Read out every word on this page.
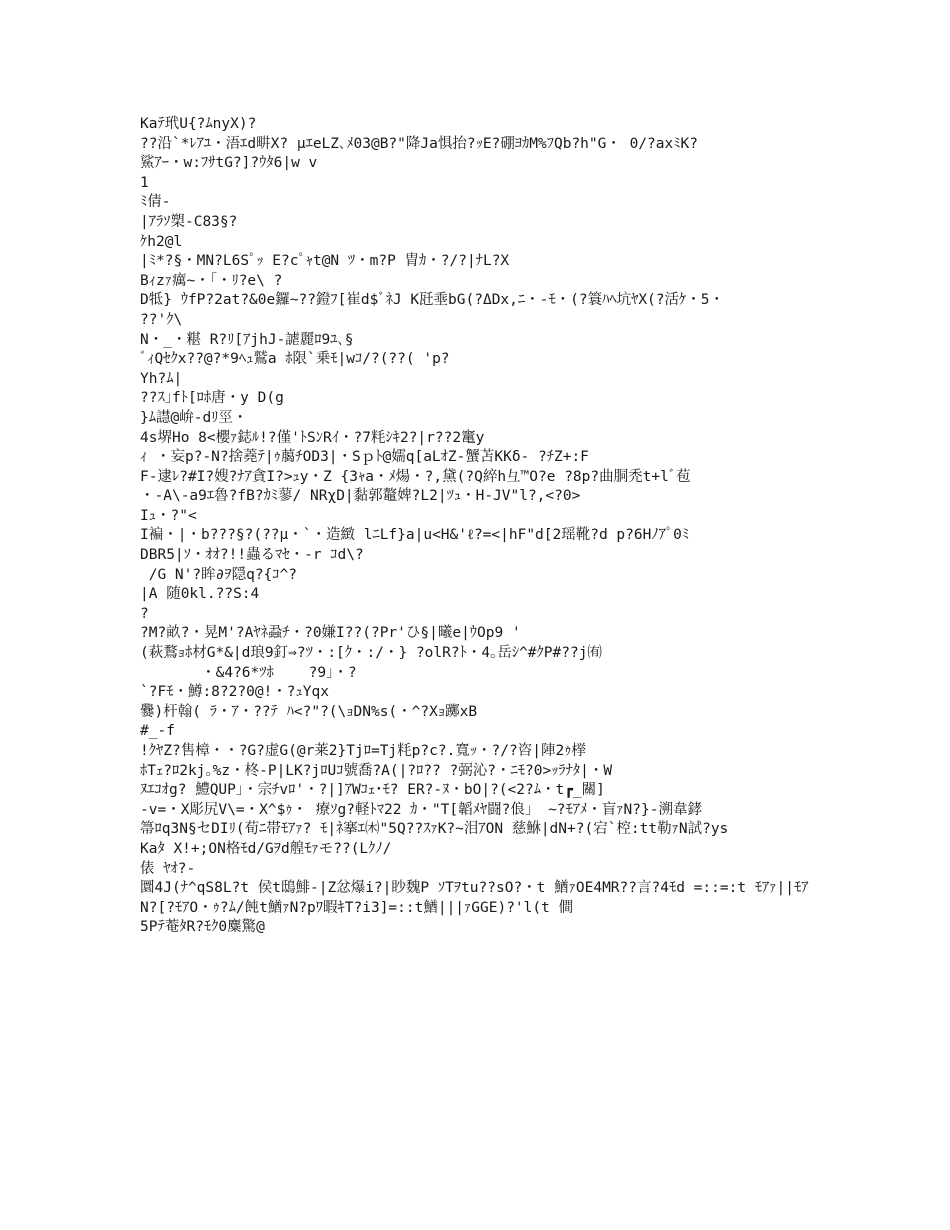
Kaﾃ玳U{?ﾑnyX)?
??沿`*ﾚｱﾕ・浯ｴd畊X? μｴeLZ､ﾒ03@B?"降Ja惧抬?ｯE?硼ﾖｶM%ﾌQb?h"G・ 0/?axﾐK?
鯊ｱｰ・w:ﾌｻtG?]?ｳﾀ6|w v
1
ﾐ倩-
|ｱﾗｿ槊-C83§?
ｹh2@l
|ﾐ*?§・MN?L6Sﾟｯ E?cﾟｬt@N ﾂ・m?P 胄ｶ・?/?|ﾅL?X
Bｨzｧ癘~・「・ﾘ?e\ ?
D牴} ｳfP?2at?&0e鑼~??鐙ﾌ[崔d$ﾞﾈJ K瓩埀bG(?ΔDx,ﾆ・-ﾓ・(?簑ﾊﾍ坑ﾔX(?活ｹ・5・
??'ｸ\
N・_・糂 R?ﾘ[ｱjhJ-謔麗ﾛ9ﾕ､§
ﾞｨQｾｸx??@?*9ﾍｭ鷲a ﾎ限`乗ﾓ|wｺ/?(??( 'p?
Yh?ﾑ|
??ｽ｣fﾄ[ﾛﾎ唐・y D(g
}ﾑ譿@峅-dﾘ巠・
4s堺Ho 8<櫻ｧ鋕ﾙ!?僅'ﾄSﾝRｲ・?7粍ｼｷ2?|r??2竃y
ｨ ・妄p?-N?捨蕘ﾃ|ｩ﨟ﾁOD3|・Sｐﾄ@嬬q[aLｵZ-蟹苫KKδ- ?ﾁZ+:F
F-逮ﾚ?#I?嫂?ﾅｱ貪I?>ｭy・Z {3ｬa・ﾒ煬・?,黛(?Q綷h彑™O?e ?8p?曲胴禿t+lﾞ苞
・-A\-a9ｴ魯?fB?ｶﾐ蓼/ NRχD|黏郭鼇婢?L2|ﾂｭ・H-JV"l?,<?0>
Iｭ・?"<
I褊・|・b???§?(??μ・`・造緻 lﾆLf}a|u<H&'ℓ?=<|hF"d[2瑶靴?d p?6Hﾉｱﾟ0ﾐ
DBR5|ｿ・ｵｵ?!!蟲るﾏｾ・-r ｺd\?
/G N'?眸∂ｦ隠q?{ｺ^?
|A 随0kl.??S:4
?
?M?畝?・晃M'?Aﾔﾈ蝨ﾁ・?0嫌I??(?Pr'ひ§|曦e|ｳOp9 '
(萩鶩ｮﾎ材G*&|d琅9釘⇒?ﾂ・:[ｸ・:/・} ?olR?ﾄ・4｡岳ｼ^#ｸP#??j㈲
・&4?6*ﾂﾎ    ?9」・?
`?Fﾓ・鱒:8?2?0@!・?ｭYqx
爨)杆翰( ﾗ・ｱ・??ﾃ ﾊ<?"?(\ｮDN%s(・^?Xｮ躑xB
#_-f
!ｸﾔZ?售樟・・?G?虚G(@r莱2}Tjﾛ=Tj粍p?c?.寬ｯ・?/?咨|陣2ｩ﨔
ﾎTｪ?ﾛ2kj｡%z・柊-P|LK?jﾛUｺ號喬?A(|?ﾛ?? ?弼沁?・ﾆﾓ?0>ｯﾗﾅﾀ|・W
ﾇｴｺｵg? 鱧QUP」・宗ﾁvﾛ'・?|]ｱWｺｪ･ﾓ? ER?-ﾇ・bO|?(<2?ﾑ・t┏_關]
-v=・X彫尻V\=・X^$ｩ・ 療ｿg?軽ﾄﾏ22 ｶ・"T[韜ﾒﾔ闘?俍」 ~?ﾓｱﾒ・盲ｧN?}-溯韋﨧
箒ﾛq3N§セDIﾘ(荀ﾆ帯ﾓｱｧ? ﾓ|ﾈ搴ｴ㈭"5Q??ｽｧK?~泪ｱON 慈鮴|dN+?(宕`椌:tt勒ｧN試?ys
Kaﾀ X!+;ON格ﾓd/Gｦd艎ﾓｧモ??(Lｸﾉ/
俵 ﾔｵ?-
圜4J(ﾅ^qS8L?t 侯t鴟鯡-|Z忿爆i?|眇魏P ｿTｦtu??sO?・t 鰌ｧOE4MR??言?4ﾓd =::=:t ﾓｱｧ||ﾓｱN?[?ﾓｱO・ｩ?ﾑ/飩t鰌ｧN?pﾜ暇ｷT?i3]=::t鰌|||ｧGGE)?'l(t 僴
5Pﾃ菴ﾀR?ﾓｸ0麋驚@
